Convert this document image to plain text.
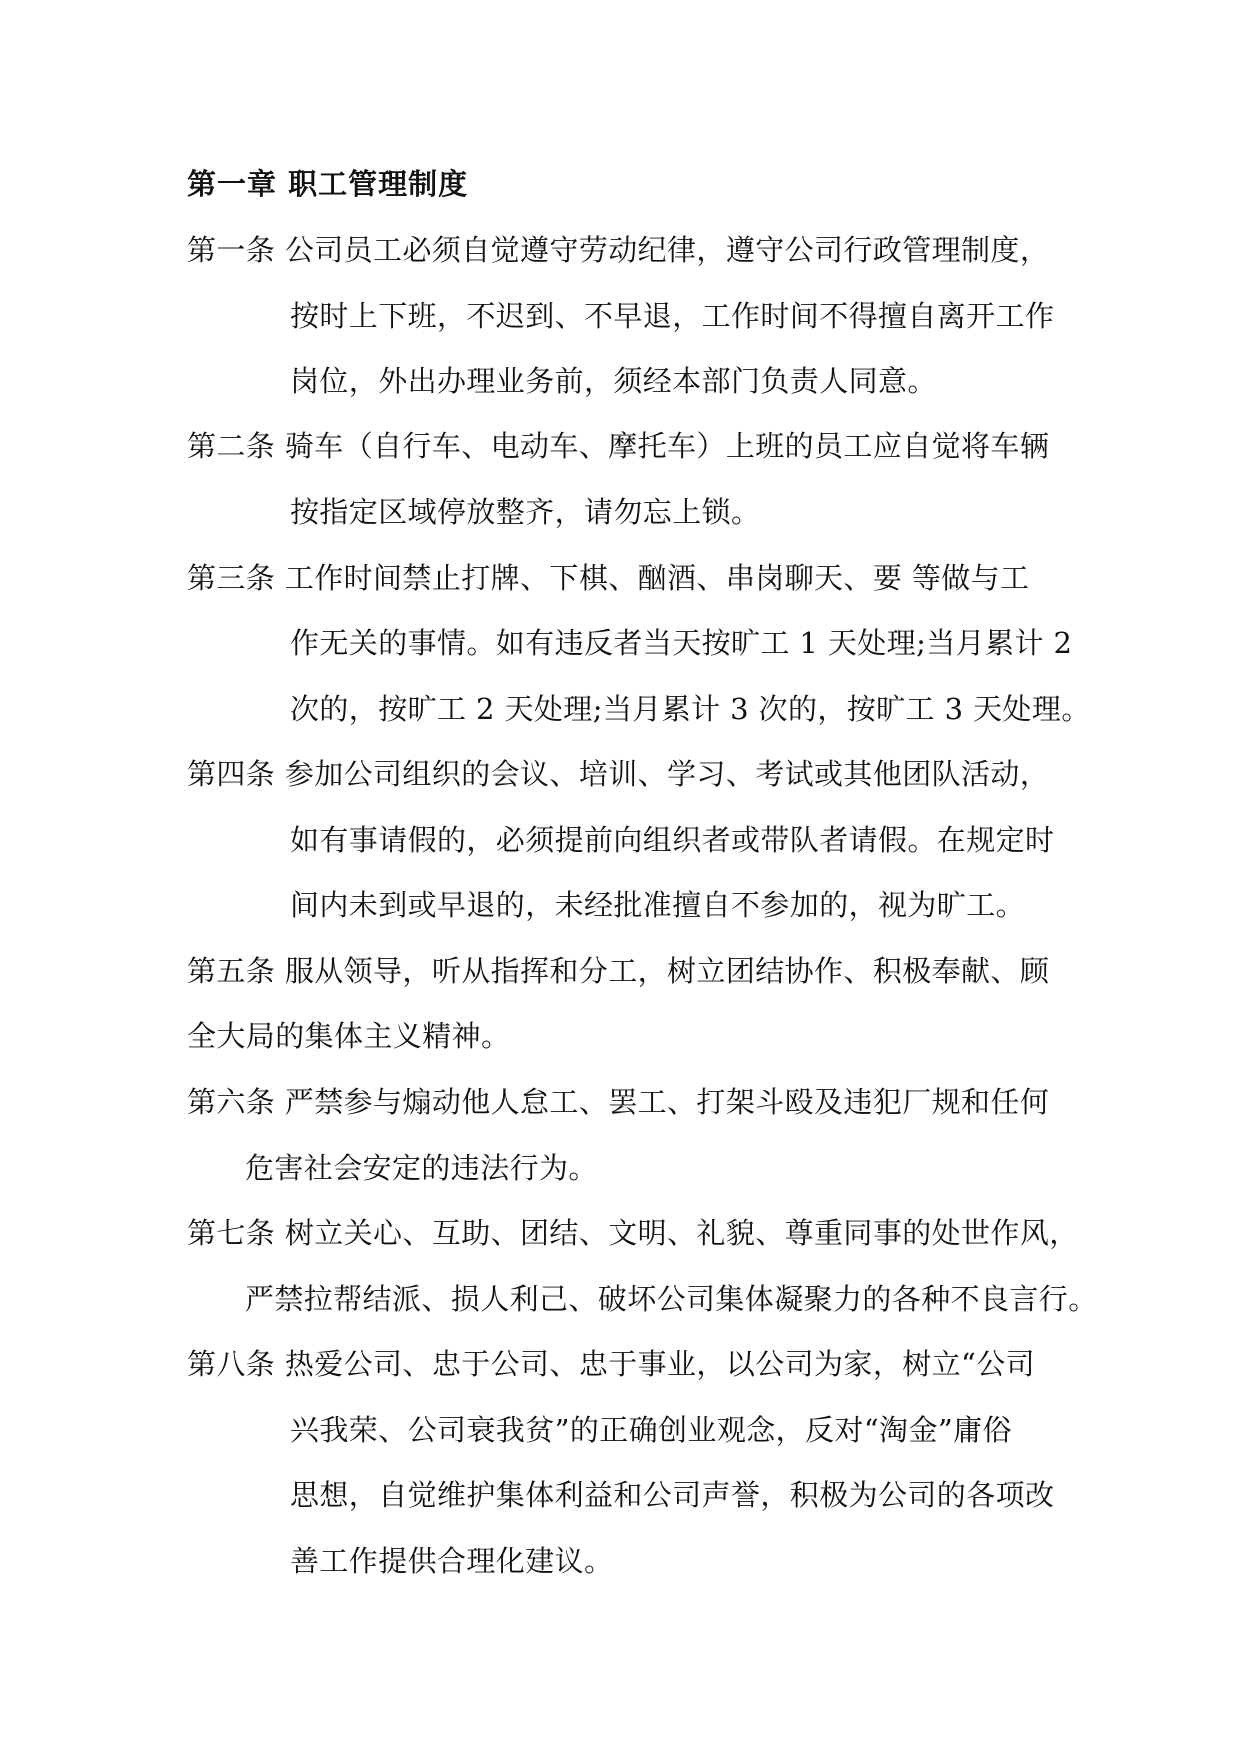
第一章 职工管理制度
第一条 公司员工必须自觉遵守劳动纪律，遵守公司行政管理制度，
按时上下班，不迟到、不早退，工作时间不得擅自离开工作
岗位，外出办理业务前，须经本部门负责人同意。
第二条 骑车（自行车、电动车、摩托车）上班的员工应自觉将车辆
按指定区域停放整齐，请勿忘上锁。
第三条 工作时间禁止打牌、下棋、酗酒、串岗聊天、要 等做与工
作无关的事情。如有违反者当天按旷工 1 天处理;当月累计 2
次的，按旷工 2 天处理;当月累计 3 次的，按旷工 3 天处理。
第四条 参加公司组织的会议、培训、学习、考试或其他团队活动，
如有事请假的，必须提前向组织者或带队者请假。在规定时
间内未到或早退的，未经批准擅自不参加的，视为旷工。
第五条 服从领导，听从指挥和分工，树立团结协作、积极奉献、顾
全大局的集体主义精神。
第六条 严禁参与煽动他人怠工、罢工、打架斗殴及违犯厂规和任何
危害社会安定的违法行为。
第七条 树立关心、互助、团结、文明、礼貌、尊重同事的处世作风，
严禁拉帮结派、损人利己、破坏公司集体凝聚力的各种不良言行。
第八条 热爱公司、忠于公司、忠于事业，以公司为家，树立“公司
兴我荣、公司衰我贫”的正确创业观念，反对“淘金”庸俗
思想，自觉维护集体利益和公司声誉，积极为公司的各项改
善工作提供合理化建议。
